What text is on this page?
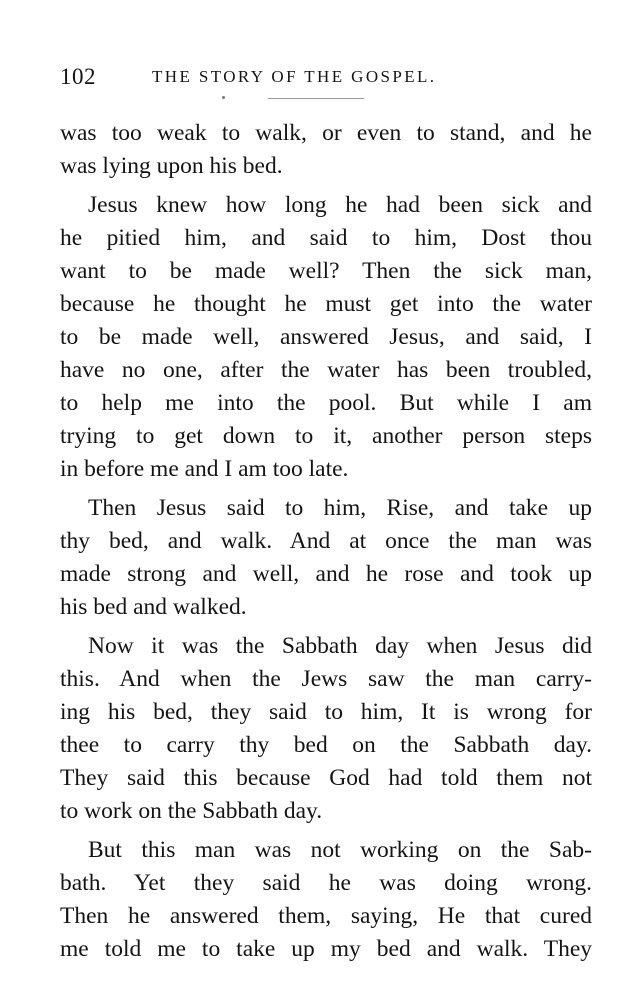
102	THE STORY OF THE GOSPEL.
was too weak to walk, or even to stand, and he
was lying upon his bed.
Jesus knew how long he had been sick and
he pitied him, and said to him, Dost thou
want to be made well? Then the sick man,
because he thought he must get into the water
to be made well, answered Jesus, and said, I
have no one, after the water has been troubled,
to help me into the pool. But while I am
trying to get down to it, another person steps
in before me and I am too late.
Then Jesus said to him, Rise, and take up
thy bed, and walk. And at once the man was
made strong and well, and he rose and took up
his bed and walked.
Now it was the Sabbath day when Jesus did
this. And when the Jews saw the man carry-
ing his bed, they said to him, It is wrong for
thee to carry thy bed on the Sabbath day.
They said this because God had told them not
to work on the Sabbath day.
But this man was not working on the Sab-
bath. Yet they said he was doing wrong.
Then he answered them, saying, He that cured
me told me to take up my bed and walk. They
